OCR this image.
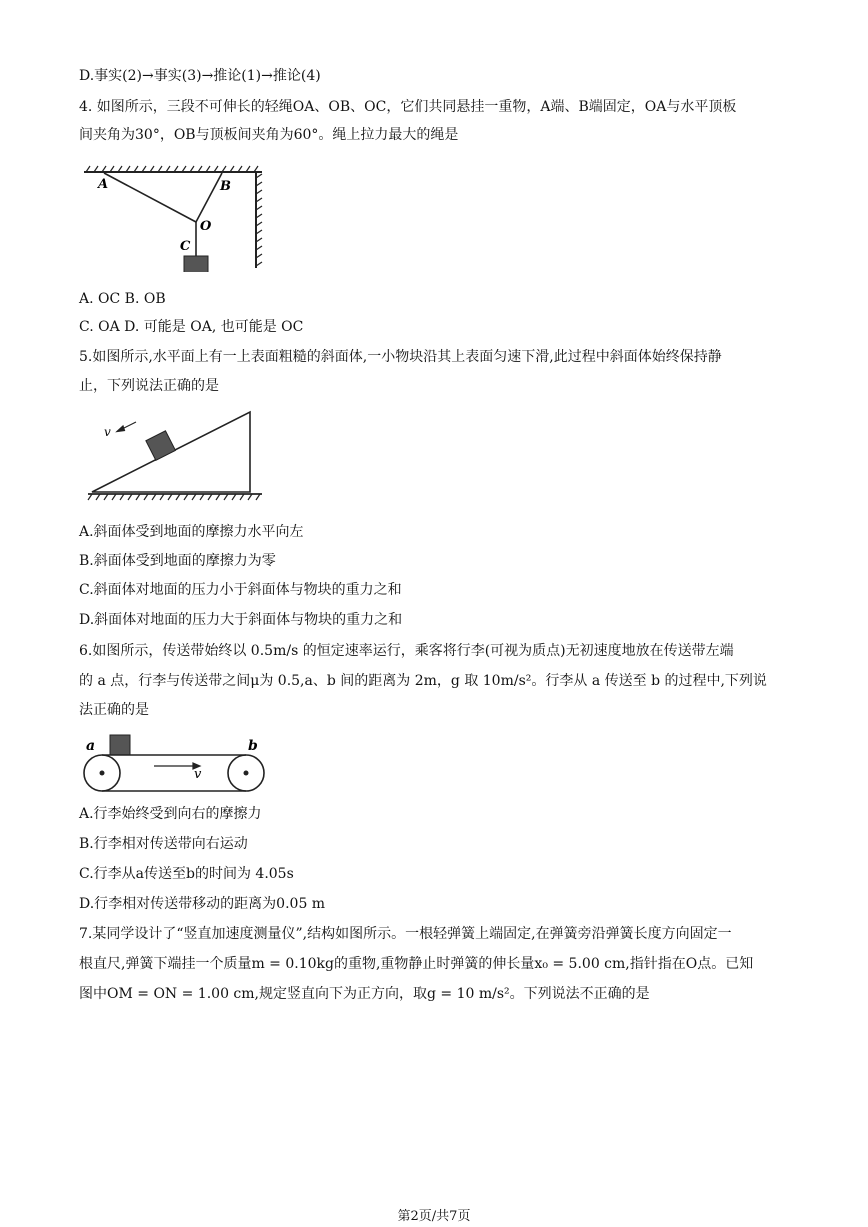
D.事实(2)→事实(3)→推论(1)→推论(4)
4. 如图所示，三段不可伸长的轻绳OA、OB、OC，它们共同悬挂一重物，A端、B端固定，OA与水平顶板
间夹角为30°，OB与顶板间夹角为60°。绳上拉力最大的绳是
A	B
O
C
A. OC B. OB
C. OA D. 可能是 OA, 也可能是 OC
5.如图所示,水平面上有一上表面粗糙的斜面体,一小物块沿其上表面匀速下滑,此过程中斜面体始终保持静
止，下列说法正确的是
v
A.斜面体受到地面的摩擦力水平向左
B.斜面体受到地面的摩擦力为零
C.斜面体对地面的压力小于斜面体与物块的重力之和
D.斜面体对地面的压力大于斜面体与物块的重力之和
6.如图所示，传送带始终以 0.5m/s 的恒定速率运行，乘客将行李(可视为质点)无初速度地放在传送带左端
的 a 点，行李与传送带之间μ为 0.5,a、b 间的距离为 2m，g 取 10m/s²。行李从 a 传送至 b 的过程中,下列说
法正确的是
a	b
v
A.行李始终受到向右的摩擦力
B.行李相对传送带向右运动
C.行李从a传送至b的时间为 4.05s
D.行李相对传送带移动的距离为0.05 m
7.某同学设计了“竖直加速度测量仪”,结构如图所示。一根轻弹簧上端固定,在弹簧旁沿弹簧长度方向固定一
根直尺,弹簧下端挂一个质量m = 0.10kg的重物,重物静止时弹簧的伸长量x₀ = 5.00 cm,指针指在O点。已知
图中OM = ON = 1.00 cm,规定竖直向下为正方向，取g = 10 m/s²。下列说法不正确的是
第2页/共7页
